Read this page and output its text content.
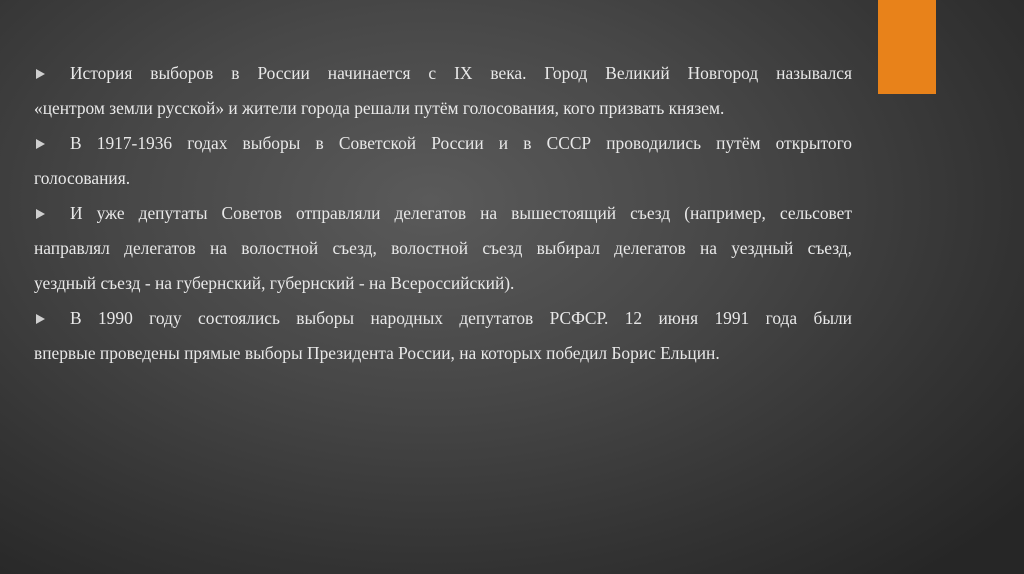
История выборов в России начинается с IX века. Город Великий Новгород назывался
«центром земли русской» и жители города решали путём голосования, кого призвать князем.
В 1917-1936 годах выборы в Советской России и в СССР проводились путём открытого
голосования.
И уже депутаты Советов отправляли делегатов на вышестоящий съезд (например, сельсовет
направлял делегатов на волостной съезд, волостной съезд выбирал делегатов на уездный съезд,
уездный съезд - на губернский, губернский - на Всероссийский).
В 1990 году состоялись выборы народных депутатов РСФСР. 12 июня 1991 года были
впервые проведены прямые выборы Президента России, на которых победил Борис Ельцин.
